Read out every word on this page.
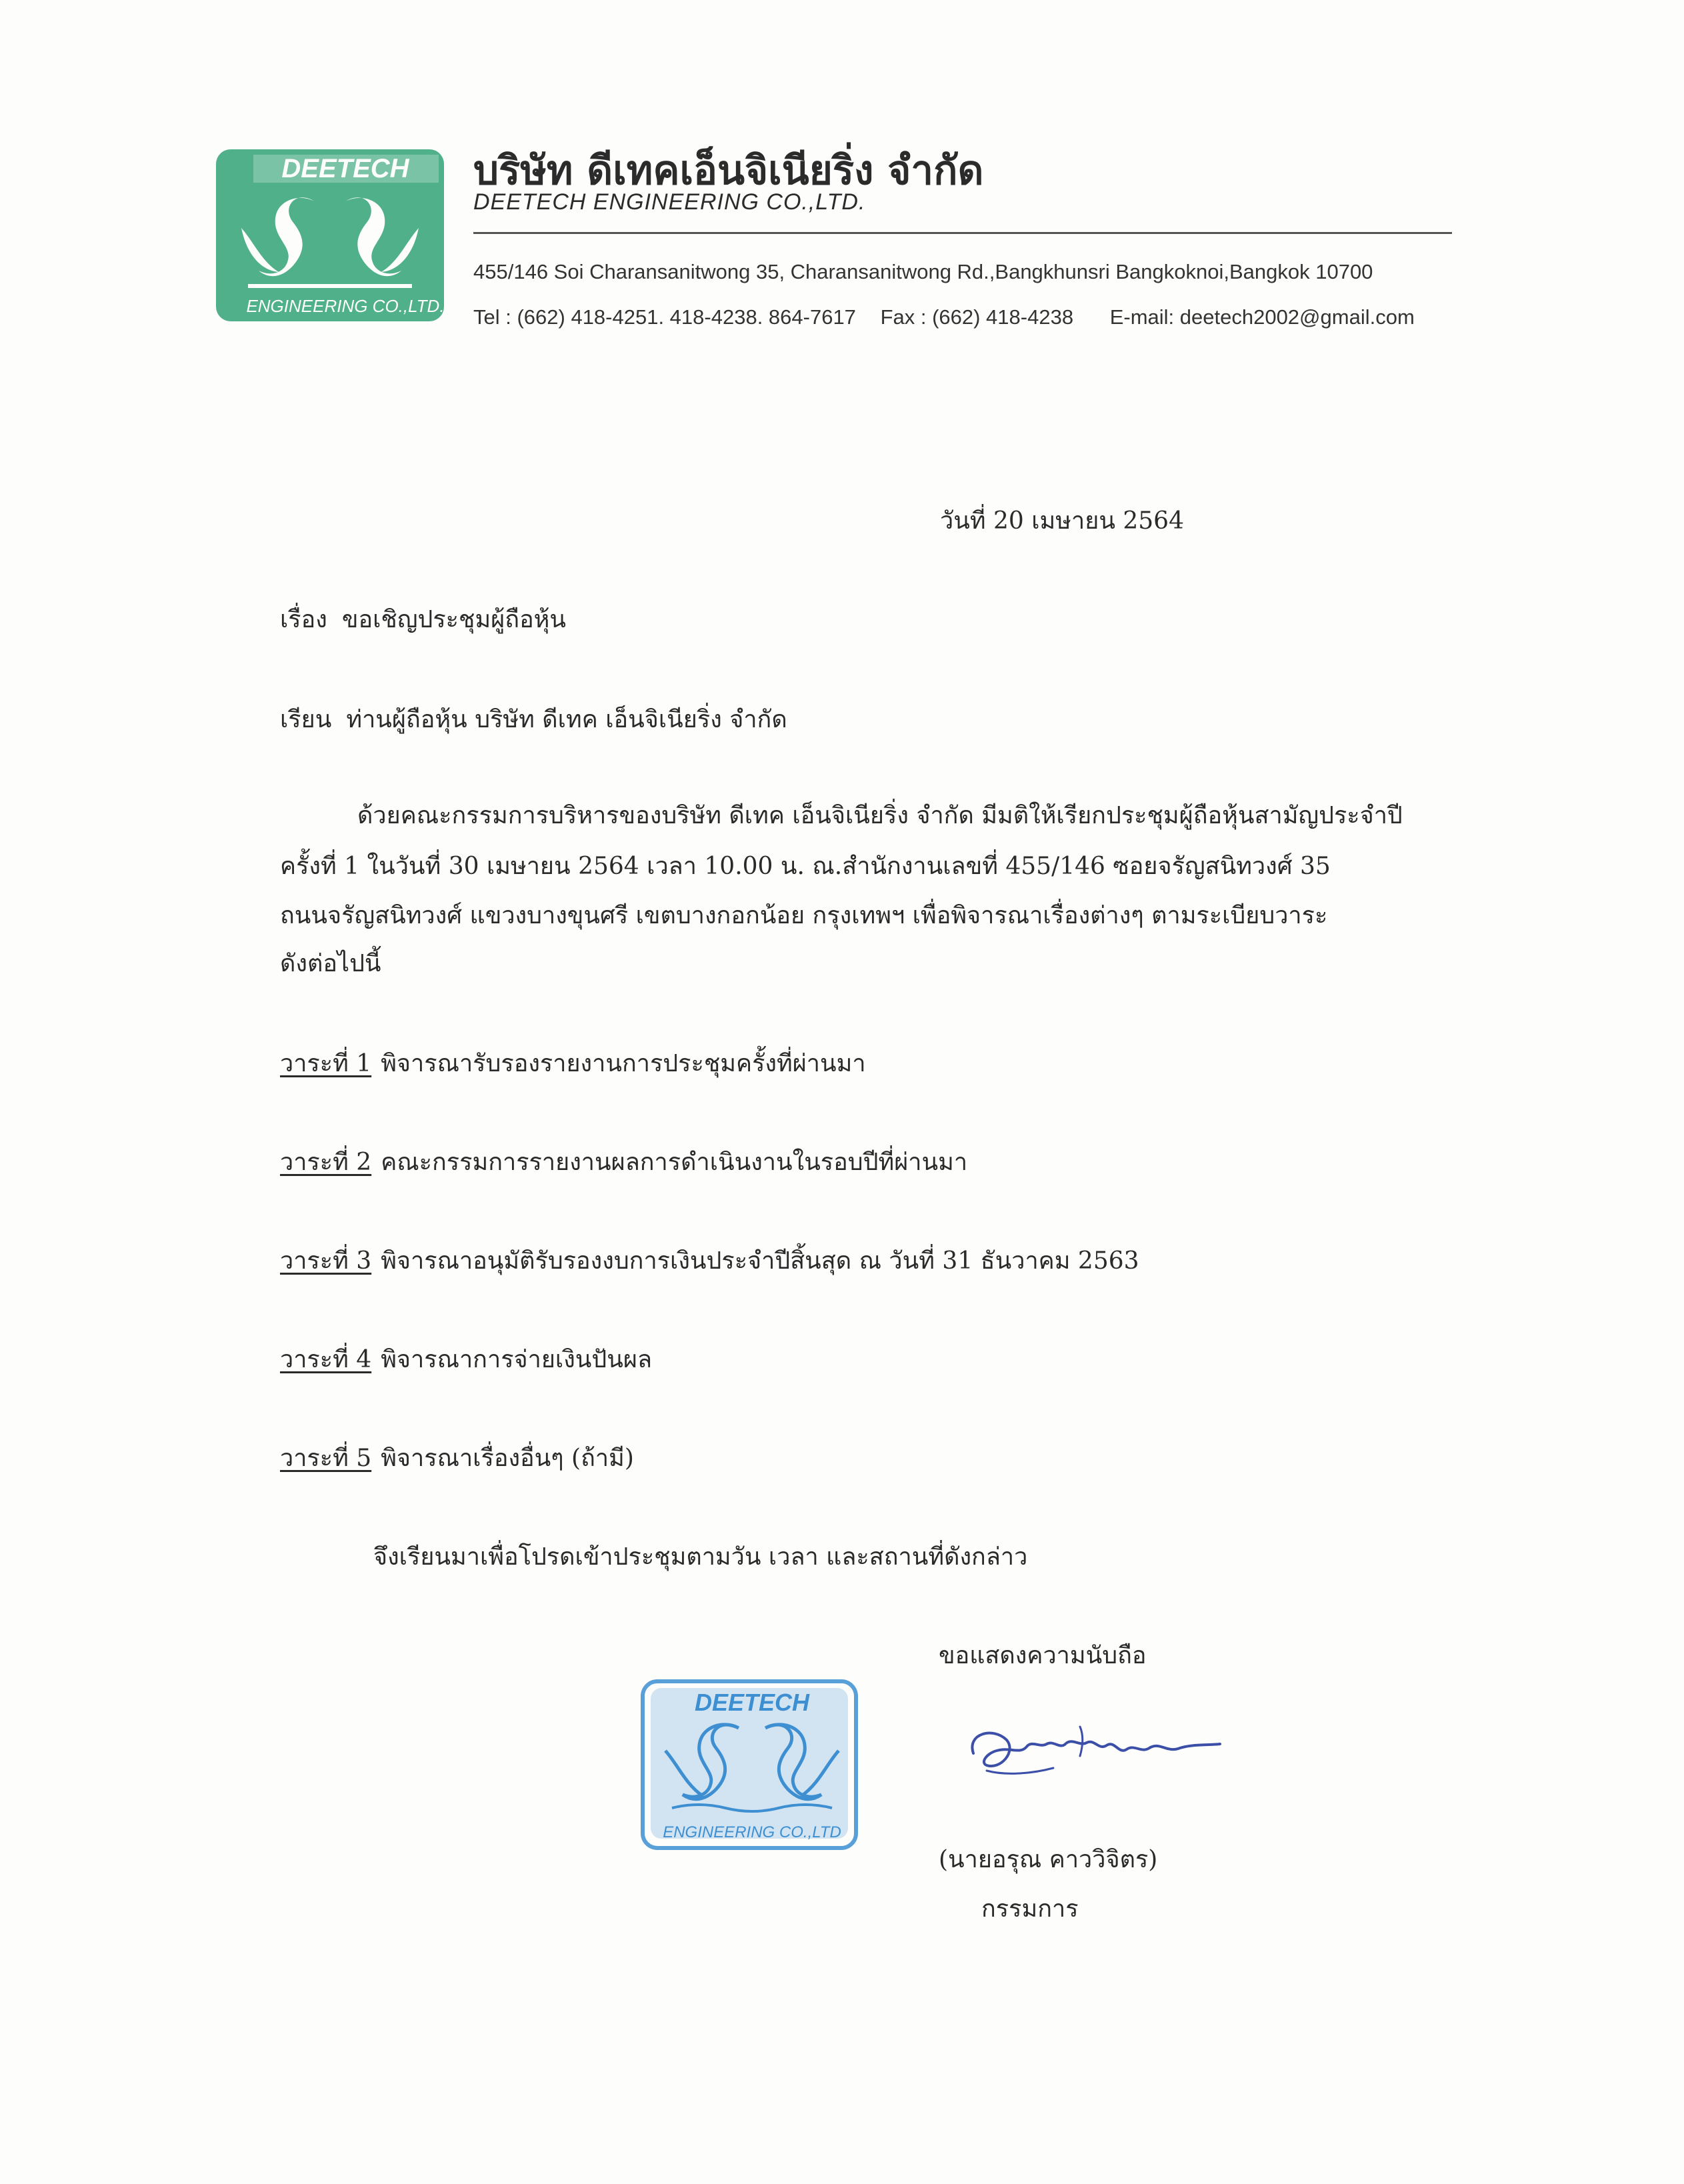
DEETECH
ENGINEERING CO.,LTD.
บริษัท ดีเทคเอ็นจิเนียริ่ง จำกัด
DEETECH ENGINEERING CO.,LTD.
455/146 Soi Charansanitwong 35, Charansanitwong Rd.,Bangkhunsri Bangkoknoi,Bangkok 10700
Tel : (662) 418-4251. 418-4238. 864-7617 Fax : (662) 418-4238 E-mail: deetech2002@gmail.com
วันที่ 20 เมษายน 2564
เรื่อง ขอเชิญประชุมผู้ถือหุ้น
เรียน ท่านผู้ถือหุ้น บริษัท ดีเทค เอ็นจิเนียริ่ง จำกัด
ด้วยคณะกรรมการบริหารของบริษัท ดีเทค เอ็นจิเนียริ่ง จำกัด มีมติให้เรียกประชุมผู้ถือหุ้นสามัญประจำปี
ครั้งที่ 1 ในวันที่ 30 เมษายน 2564 เวลา 10.00 น. ณ.สำนักงานเลขที่ 455/146 ซอยจรัญสนิทวงศ์ 35
ถนนจรัญสนิทวงศ์ แขวงบางขุนศรี เขตบางกอกน้อย กรุงเทพฯ เพื่อพิจารณาเรื่องต่างๆ ตามระเบียบวาระ
ดังต่อไปนี้
วาระที่ 1 พิจารณารับรองรายงานการประชุมครั้งที่ผ่านมา
วาระที่ 2 คณะกรรมการรายงานผลการดำเนินงานในรอบปีที่ผ่านมา
วาระที่ 3 พิจารณาอนุมัติรับรองงบการเงินประจำปีสิ้นสุด ณ วันที่ 31 ธันวาคม 2563
วาระที่ 4 พิจารณาการจ่ายเงินปันผล
วาระที่ 5 พิจารณาเรื่องอื่นๆ (ถ้ามี)
จึงเรียนมาเพื่อโปรดเข้าประชุมตามวัน เวลา และสถานที่ดังกล่าว
ขอแสดงความนับถือ
DEETECH
ENGINEERING CO.,LTD
(นายอรุณ คาววิจิตร)
กรรมการ
